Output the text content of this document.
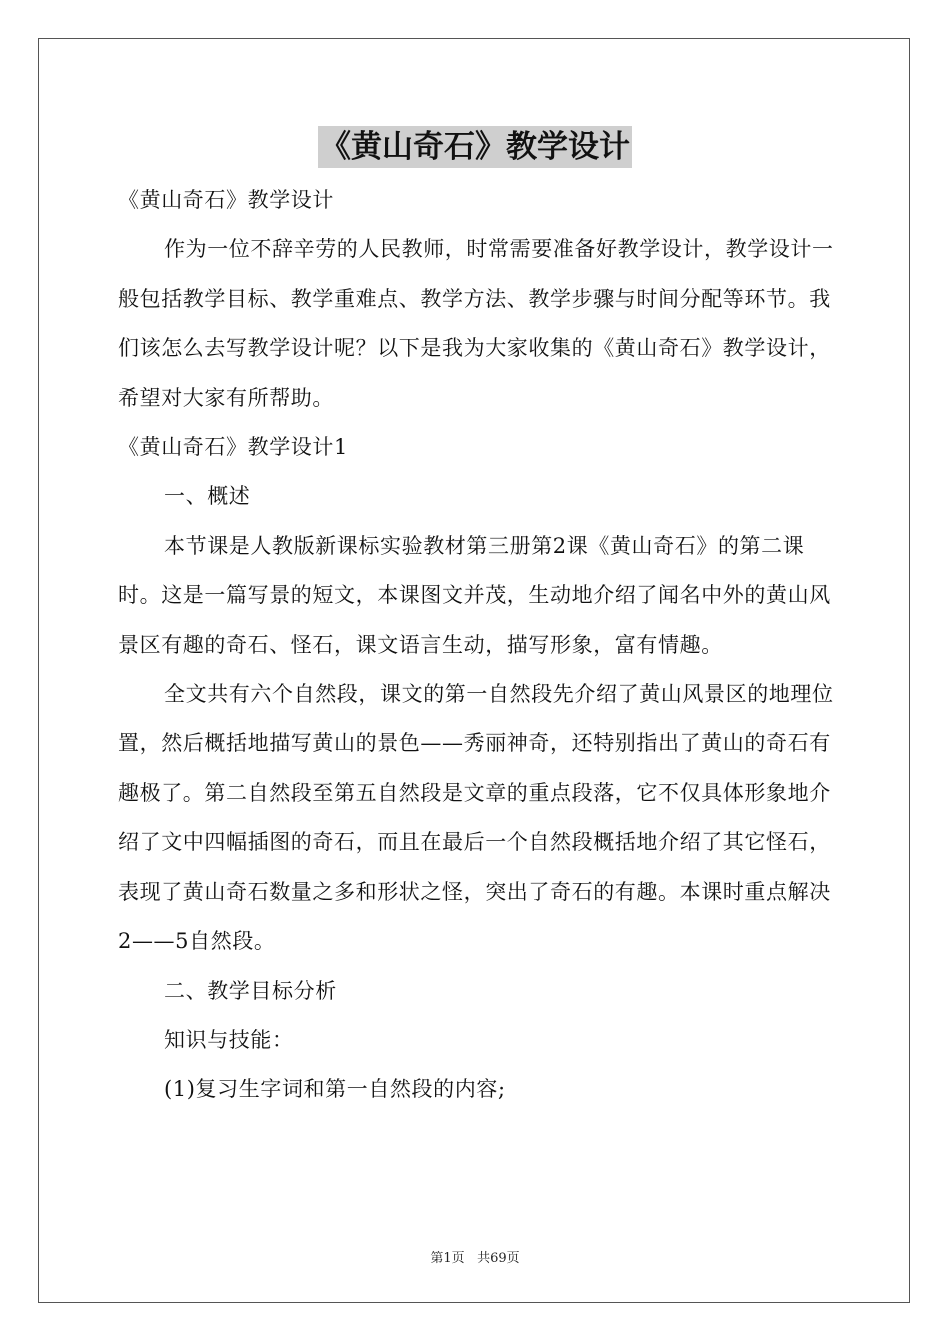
《黄山奇石》教学设计

《黄山奇石》教学设计

作为一位不辞辛劳的人民教师，时常需要准备好教学设计，教学设计一般包括教学目标、教学重难点、教学方法、教学步骤与时间分配等环节。我们该怎么去写教学设计呢？以下是我为大家收集的《黄山奇石》教学设计，希望对大家有所帮助。

《黄山奇石》教学设计1

一、概述

本节课是人教版新课标实验教材第三册第2课《黄山奇石》的第二课时。这是一篇写景的短文，本课图文并茂，生动地介绍了闻名中外的黄山风景区有趣的奇石、怪石，课文语言生动，描写形象，富有情趣。

全文共有六个自然段，课文的第一自然段先介绍了黄山风景区的地理位置，然后概括地描写黄山的景色——秀丽神奇，还特别指出了黄山的奇石有趣极了。第二自然段至第五自然段是文章的重点段落，它不仅具体形象地介绍了文中四幅插图的奇石，而且在最后一个自然段概括地介绍了其它怪石，表现了黄山奇石数量之多和形状之怪，突出了奇石的有趣。本课时重点解决2——5自然段。

二、教学目标分析

知识与技能：

(1)复习生字词和第一自然段的内容;

第1页 共69页
